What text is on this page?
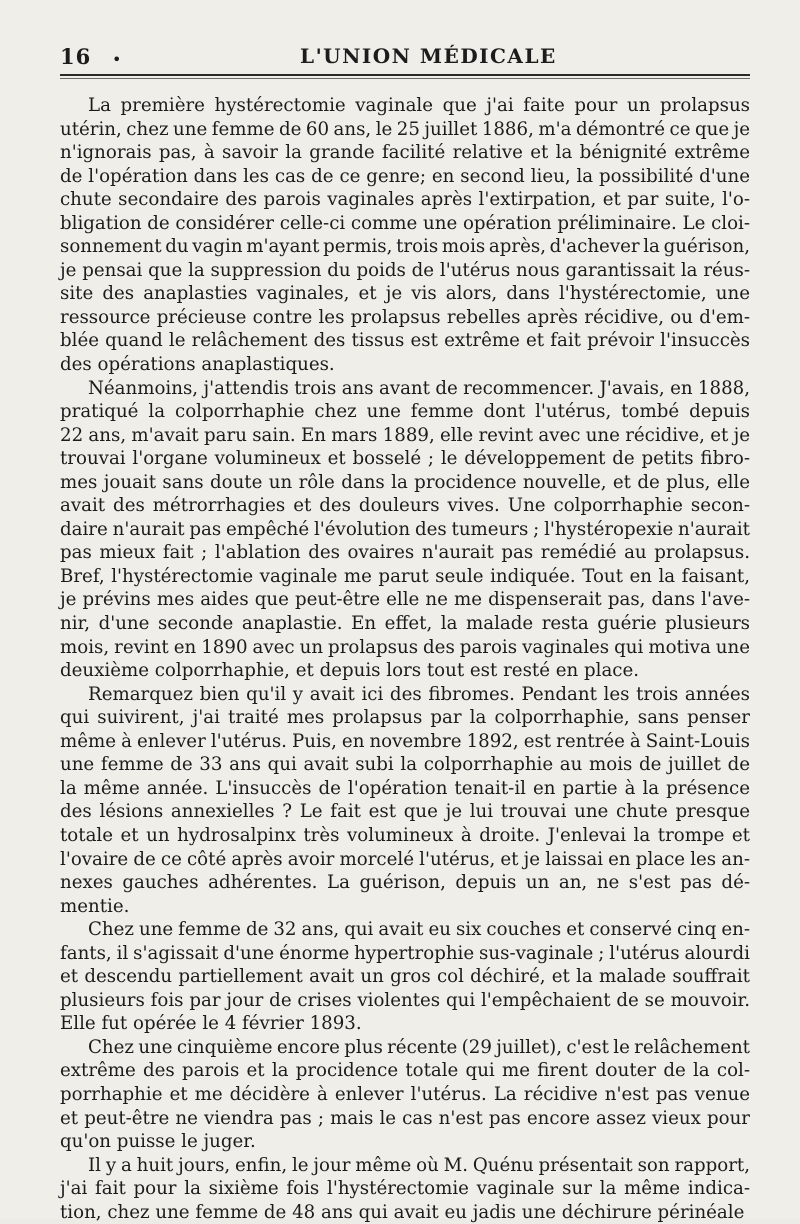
16 •	L'UNION MÉDICALE
La première hystérectomie vaginale que j'ai faite pour un prolapsus
utérin, chez une femme de 60 ans, le 25 juillet 1886, m'a démontré ce que je
n'ignorais pas, à savoir la grande facilité relative et la bénignité extrême
de l'opération dans les cas de ce genre; en second lieu, la possibilité d'une
chute secondaire des parois vaginales après l'extirpation, et par suite, l'o-
bligation de considérer celle-ci comme une opération préliminaire. Le cloi-
sonnement du vagin m'ayant permis, trois mois après, d'achever la guérison,
je pensai que la suppression du poids de l'utérus nous garantissait la réus-
site des anaplasties vaginales, et je vis alors, dans l'hystérectomie, une
ressource précieuse contre les prolapsus rebelles après récidive, ou d'em-
blée quand le relâchement des tissus est extrême et fait prévoir l'insuccès
des opérations anaplastiques.
Néanmoins, j'attendis trois ans avant de recommencer. J'avais, en 1888,
pratiqué la colporrhaphie chez une femme dont l'utérus, tombé depuis
22 ans, m'avait paru sain. En mars 1889, elle revint avec une récidive, et je
trouvai l'organe volumineux et bosselé ; le développement de petits fibro-
mes jouait sans doute un rôle dans la procidence nouvelle, et de plus, elle
avait des métrorrhagies et des douleurs vives. Une colporrhaphie secon-
daire n'aurait pas empêché l'évolution des tumeurs ; l'hystéropexie n'aurait
pas mieux fait ; l'ablation des ovaires n'aurait pas remédié au prolapsus.
Bref, l'hystérectomie vaginale me parut seule indiquée. Tout en la faisant,
je prévins mes aides que peut-être elle ne me dispenserait pas, dans l'ave-
nir, d'une seconde anaplastie. En effet, la malade resta guérie plusieurs
mois, revint en 1890 avec un prolapsus des parois vaginales qui motiva une
deuxième colporrhaphie, et depuis lors tout est resté en place.
Remarquez bien qu'il y avait ici des fibromes. Pendant les trois années
qui suivirent, j'ai traité mes prolapsus par la colporrhaphie, sans penser
même à enlever l'utérus. Puis, en novembre 1892, est rentrée à Saint-Louis
une femme de 33 ans qui avait subi la colporrhaphie au mois de juillet de
la même année. L'insuccès de l'opération tenait-il en partie à la présence
des lésions annexielles ? Le fait est que je lui trouvai une chute presque
totale et un hydrosalpinx très volumineux à droite. J'enlevai la trompe et
l'ovaire de ce côté après avoir morcelé l'utérus, et je laissai en place les an-
nexes gauches adhérentes. La guérison, depuis un an, ne s'est pas dé-
mentie.
Chez une femme de 32 ans, qui avait eu six couches et conservé cinq en-
fants, il s'agissait d'une énorme hypertrophie sus-vaginale ; l'utérus alourdi
et descendu partiellement avait un gros col déchiré, et la malade souffrait
plusieurs fois par jour de crises violentes qui l'empêchaient de se mouvoir.
Elle fut opérée le 4 février 1893.
Chez une cinquième encore plus récente (29 juillet), c'est le relâchement
extrême des parois et la procidence totale qui me firent douter de la col-
porrhaphie et me décidère à enlever l'utérus. La récidive n'est pas venue
et peut-être ne viendra pas ; mais le cas n'est pas encore assez vieux pour
qu'on puisse le juger.
Il y a huit jours, enfin, le jour même où M. Quénu présentait son rapport,
j'ai fait pour la sixième fois l'hystérectomie vaginale sur la même indica-
tion, chez une femme de 48 ans qui avait eu jadis une déchirure périnéale
